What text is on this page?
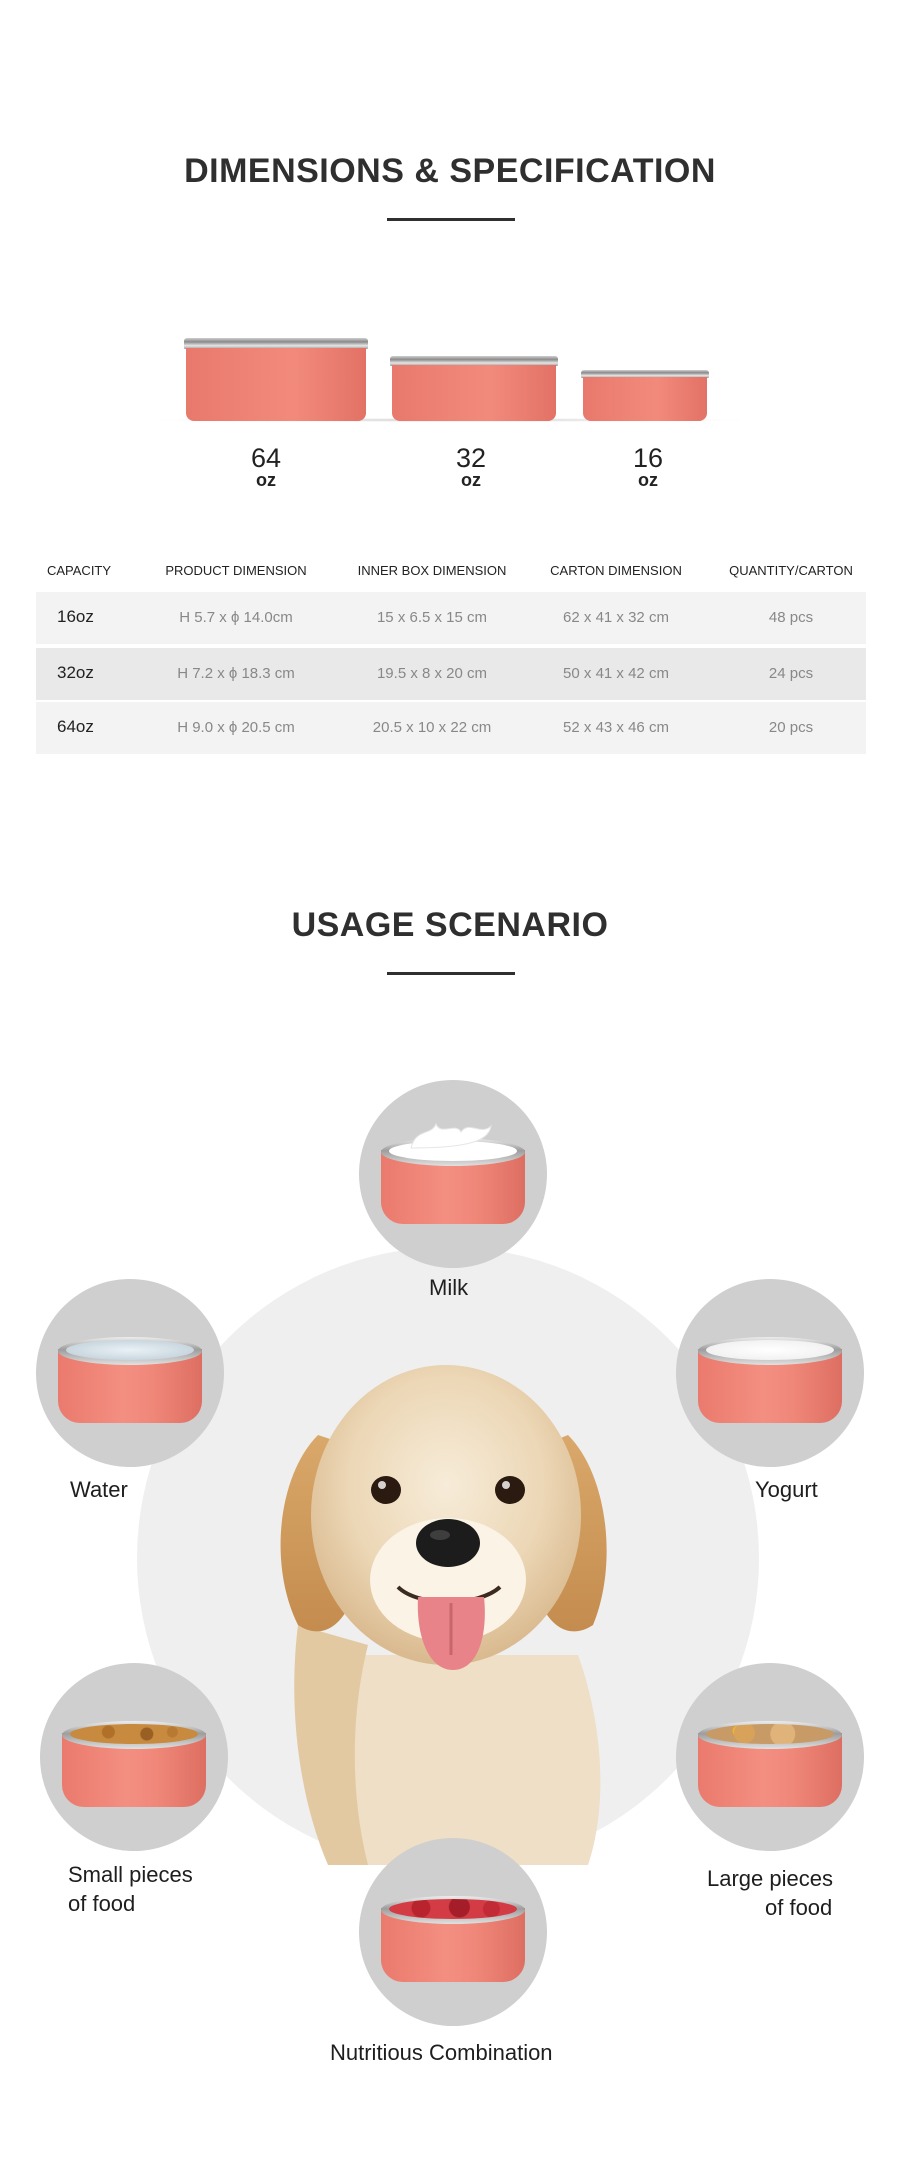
DIMENSIONS & SPECIFICATION
64
oz
32
oz
16
oz
CAPACITY	PRODUCT DIMENSION	INNER BOX DIMENSION	CARTON DIMENSION	QUANTITY/CARTON
16oz	H 5.7 x ϕ 14.0cm	15 x 6.5 x 15 cm	62 x 41 x 32 cm	48 pcs
32oz	H 7.2 x ϕ 18.3 cm	19.5 x 8 x 20 cm	50 x 41 x 42 cm	24 pcs
64oz	H 9.0 x ϕ 20.5 cm	20.5 x 10 x 22 cm	52 x 43 x 46 cm	20 pcs
USAGE SCENARIO
Milk
Water	Yogurt
Small pieces
of food
Large pieces
of food
Nutritious Combination
